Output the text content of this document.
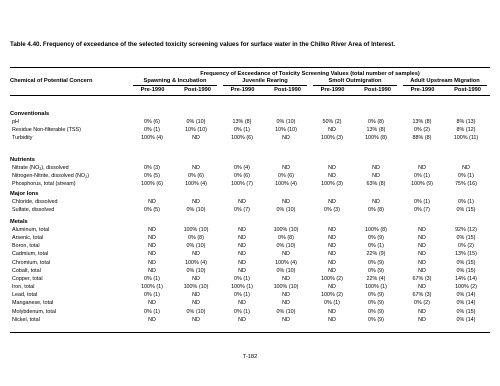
Table 4.40. Frequency of exceedance of the selected toxicity screening values for surface water in the Chilko River Area of Interest.
Frequency of Exceedance of Toxicity Screening Values (total number of samples)
Chemical of Potential Concern	Spawning & Incubation	Juvenile Rearing	Smolt Outmigration	Adult Upstream Migration
Pre-1990	Post-1990	Pre-1990	Post-1990	Pre-1990	Post-1990	Pre-1990	Post-1990
Conventionals
pH	0% (6)	0% (10)	13% (8)	0% (10)	50% (2)	0% (8)	13% (8)	8% (13)
Residue Non-filterable (TSS)	0% (1)	10% (10)	0% (1)	10% (10)	ND	13% (8)	0% (2)	8% (12)
Turbidity	100% (4)	ND	100% (6)	ND	100% (3)	100% (8)	88% (8)	100% (11)
Nutrients
Nitrate $(NO_3)$, dissolved	0% (3)	ND	0% (4)	ND	ND	ND	ND	ND
Nitrogen-Nitrite, dissolved $(NO_2)$	0% (5)	0% (6)	0% (6)	0% (6)	ND	ND	0% (1)	0% (1)
Phosphorus, total (stream)	100% (6)	100% (4)	100% (7)	100% (4)	100% (3)	63% (8)	100% (9)	75% (16)
Major Ions
Chloride, dissolved	ND	ND	ND	ND	ND	ND	0% (1)	0% (1)
Sulfate, dissolved	0% (5)	0% (10)	0% (7)	0% (10)	0% (3)	0% (8)	0% (7)	0% (15)
Metals
Aluminum, total	ND	100% (10)	ND	100% (10)	ND	100% (8)	ND	92% (12)
Arsenic, total	ND	0% (8)	ND	0% (8)	ND	0% (9)	ND	0% (15)
Boron, total	ND	0% (10)	ND	0% (10)	ND	0% (1)	ND	0% (2)
Cadmium, total	ND	ND	ND	ND	ND	22% (9)	ND	13% (15)
Chromium, total	ND	100% (4)	ND	100% (4)	ND	0% (9)	ND	0% (15)
Cobalt, total	ND	0% (10)	ND	0% (10)	ND	0% (9)	ND	0% (15)
Copper, total	0% (1)	ND	0% (1)	ND	100% (2)	22% (4)	67% (3)	14% (14)
Iron, total	100% (1)	100% (10)	100% (1)	100% (10)	ND	100% (1)	ND	100% (2)
Lead, total	0% (1)	ND	0% (1)	ND	100% (2)	0% (9)	67% (3)	0% (14)
Manganese, total	ND	ND	ND	ND	0% (1)	0% (9)	0% (2)	0% (14)
Molybdenum, total	0% (1)	0% (10)	0% (1)	0% (10)	ND	0% (9)	ND	0% (15)
Nickel, total	ND	ND	ND	ND	ND	0% (9)	ND	0% (14)
T-182
